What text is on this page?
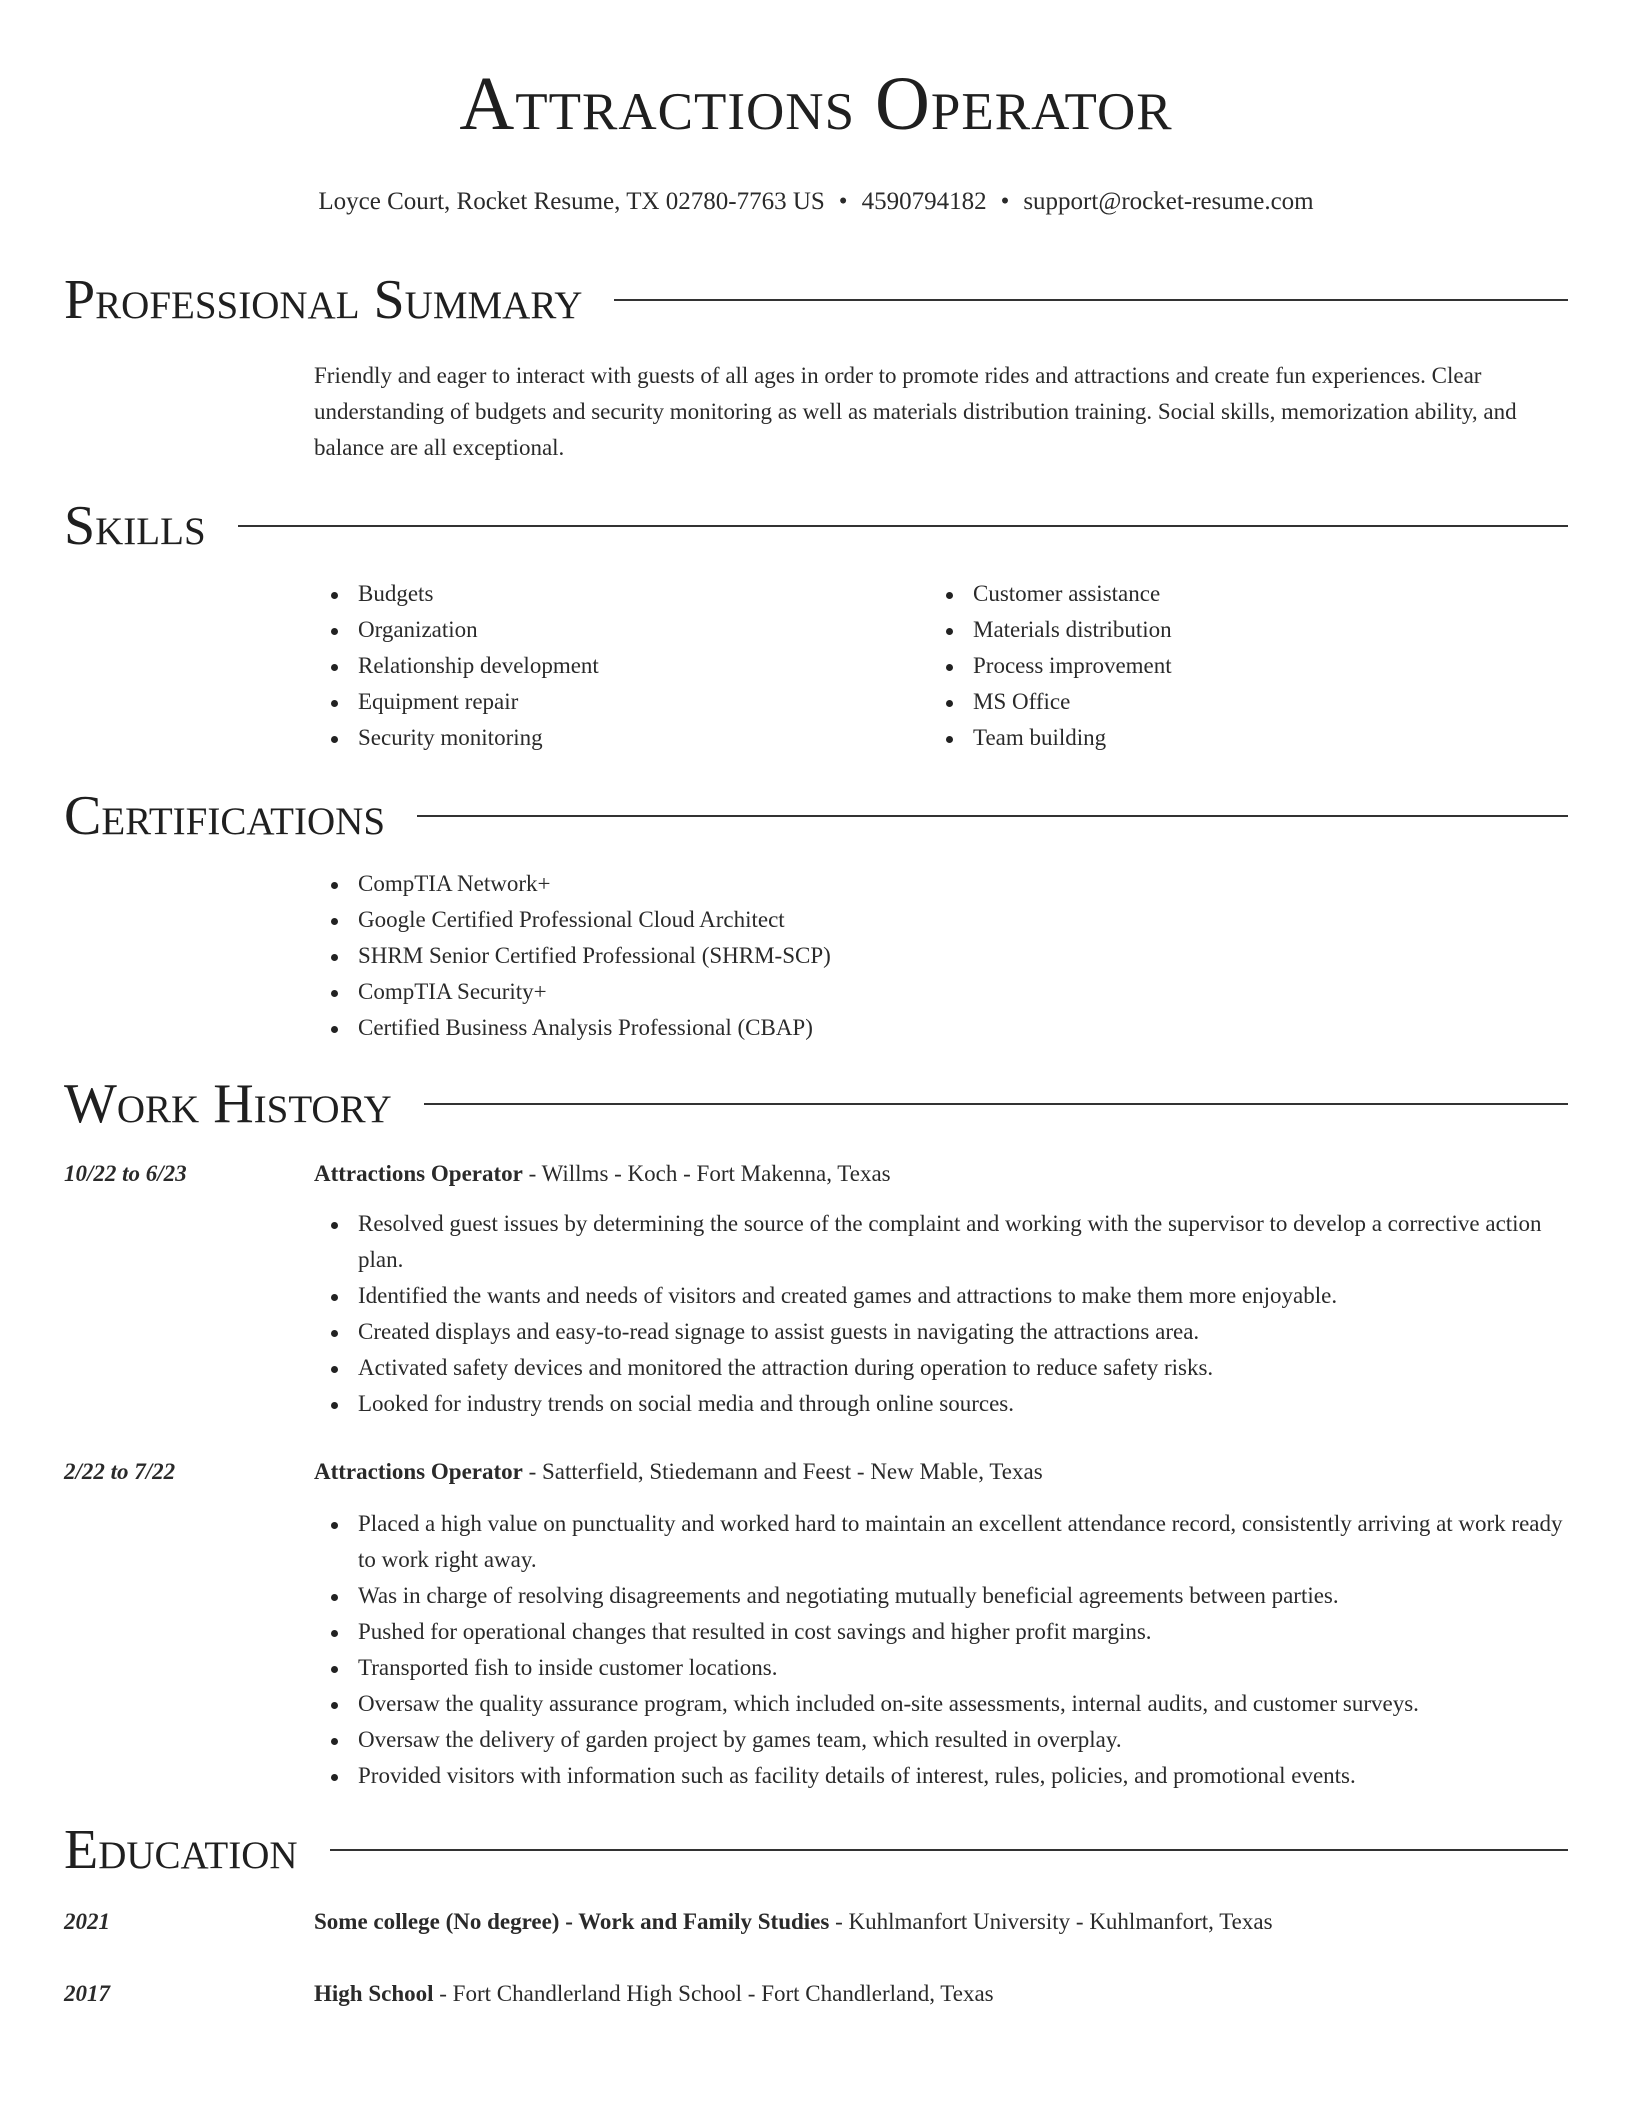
Attractions Operator
Loyce Court, Rocket Resume, TX 02780-7763 US • 4590794182 • support@rocket-resume.com
Professional Summary
Friendly and eager to interact with guests of all ages in order to promote rides and attractions and create fun experiences. Clear understanding of budgets and security monitoring as well as materials distribution training. Social skills, memorization ability, and balance are all exceptional.
Skills
Budgets
Organization
Relationship development
Equipment repair
Security monitoring
Customer assistance
Materials distribution
Process improvement
MS Office
Team building
Certifications
CompTIA Network+
Google Certified Professional Cloud Architect
SHRM Senior Certified Professional (SHRM-SCP)
CompTIA Security+
Certified Business Analysis Professional (CBAP)
Work History
10/22 to 6/23	Attractions Operator - Willms - Koch - Fort Makenna, Texas
Resolved guest issues by determining the source of the complaint and working with the supervisor to develop a corrective action plan.
Identified the wants and needs of visitors and created games and attractions to make them more enjoyable.
Created displays and easy-to-read signage to assist guests in navigating the attractions area.
Activated safety devices and monitored the attraction during operation to reduce safety risks.
Looked for industry trends on social media and through online sources.
2/22 to 7/22	Attractions Operator - Satterfield, Stiedemann and Feest - New Mable, Texas
Placed a high value on punctuality and worked hard to maintain an excellent attendance record, consistently arriving at work ready to work right away.
Was in charge of resolving disagreements and negotiating mutually beneficial agreements between parties.
Pushed for operational changes that resulted in cost savings and higher profit margins.
Transported fish to inside customer locations.
Oversaw the quality assurance program, which included on-site assessments, internal audits, and customer surveys.
Oversaw the delivery of garden project by games team, which resulted in overplay.
Provided visitors with information such as facility details of interest, rules, policies, and promotional events.
Education
2021	Some college (No degree) - Work and Family Studies - Kuhlmanfort University - Kuhlmanfort, Texas
2017	High School - Fort Chandlerland High School - Fort Chandlerland, Texas
